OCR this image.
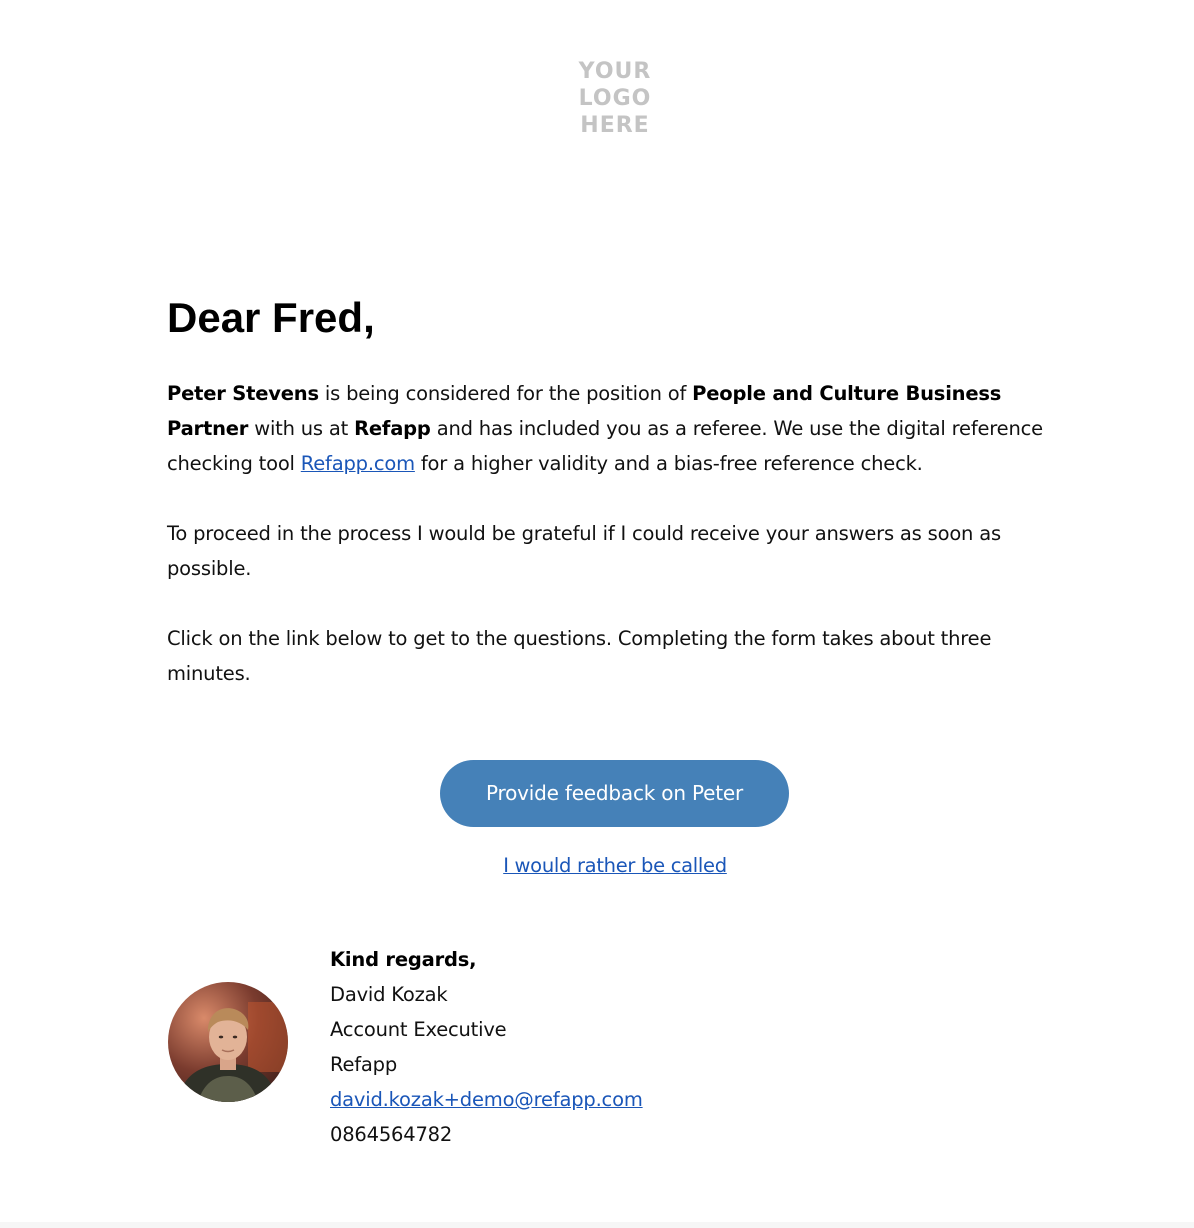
YOUR
LOGO
HERE
Dear Fred,

Peter Stevens is being considered for the position of People and Culture Business Partner with us at Refapp and has included you as a referee. We use the digital reference checking tool Refapp.com for a higher validity and a bias-free reference check.

To proceed in the process I would be grateful if I could receive your answers as soon as possible.

Click on the link below to get to the questions. Completing the form takes about three minutes.

Provide feedback on Peter
I would rather be called
Kind regards,
David Kozak
Account Executive
Refapp
david.kozak+demo@refapp.com
0864564782
